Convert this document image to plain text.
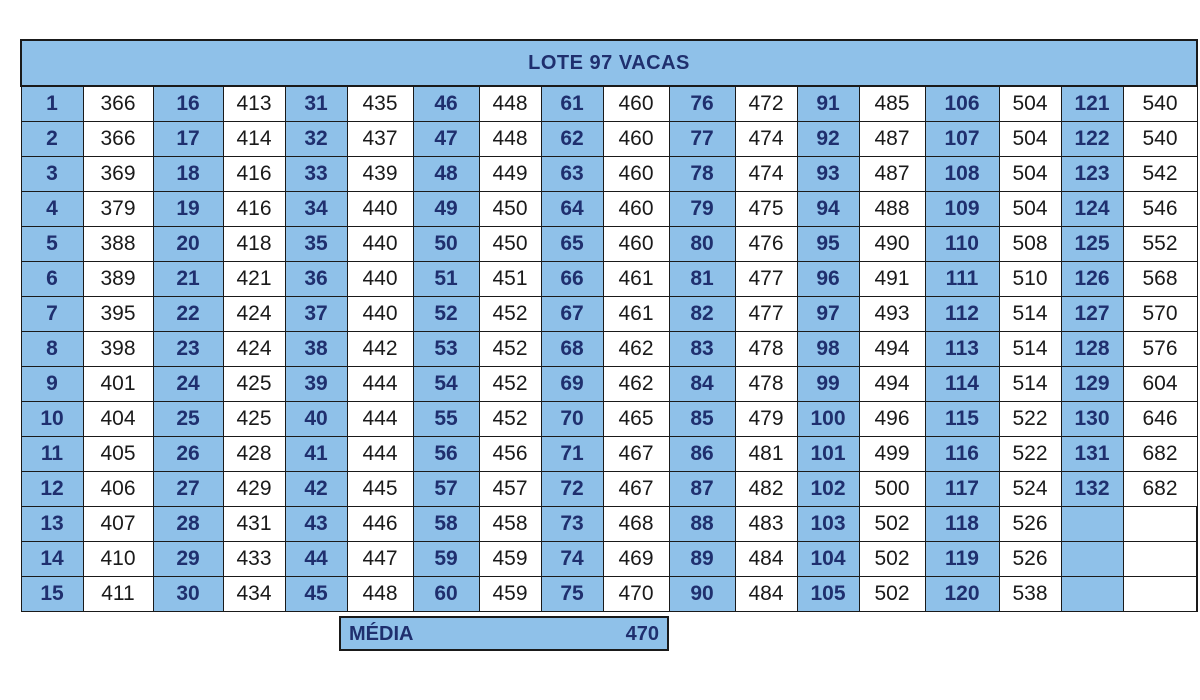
LOTE 97 VACAS																	
1	366	16	413	31	435	46	448	61	460	76	472	91	485	106	504	121	540
2	366	17	414	32	437	47	448	62	460	77	474	92	487	107	504	122	540
3	369	18	416	33	439	48	449	63	460	78	474	93	487	108	504	123	542
4	379	19	416	34	440	49	450	64	460	79	475	94	488	109	504	124	546
5	388	20	418	35	440	50	450	65	460	80	476	95	490	110	508	125	552
6	389	21	421	36	440	51	451	66	461	81	477	96	491	111	510	126	568
7	395	22	424	37	440	52	452	67	461	82	477	97	493	112	514	127	570
8	398	23	424	38	442	53	452	68	462	83	478	98	494	113	514	128	576
9	401	24	425	39	444	54	452	69	462	84	478	99	494	114	514	129	604
10	404	25	425	40	444	55	452	70	465	85	479	100	496	115	522	130	646
11	405	26	428	41	444	56	456	71	467	86	481	101	499	116	522	131	682
12	406	27	429	42	445	57	457	72	467	87	482	102	500	117	524	132	682
13	407	28	431	43	446	58	458	73	468	88	483	103	502	118	526		
14	410	29	433	44	447	59	459	74	469	89	484	104	502	119	526		
15	411	30	434	45	448	60	459	75	470	90	484	105	502	120	538		
MÉDIA	470
